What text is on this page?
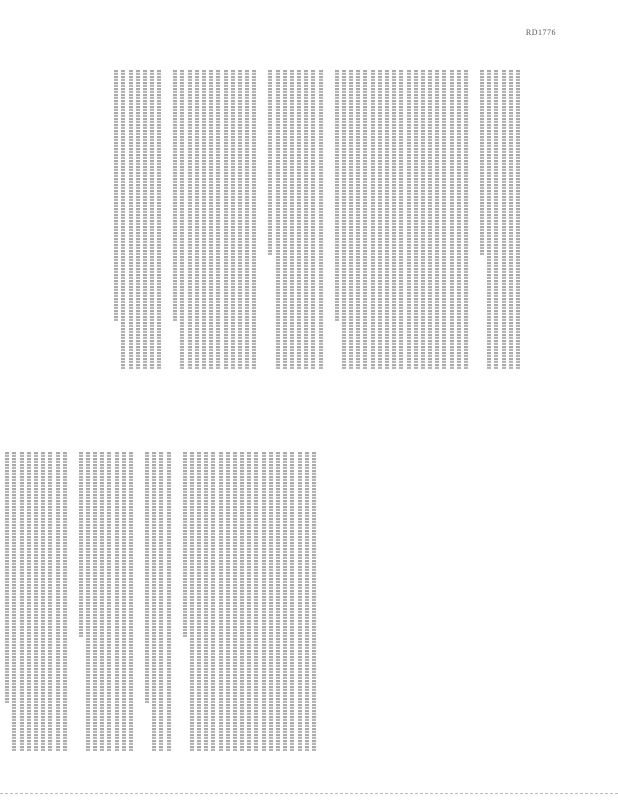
RD1776
